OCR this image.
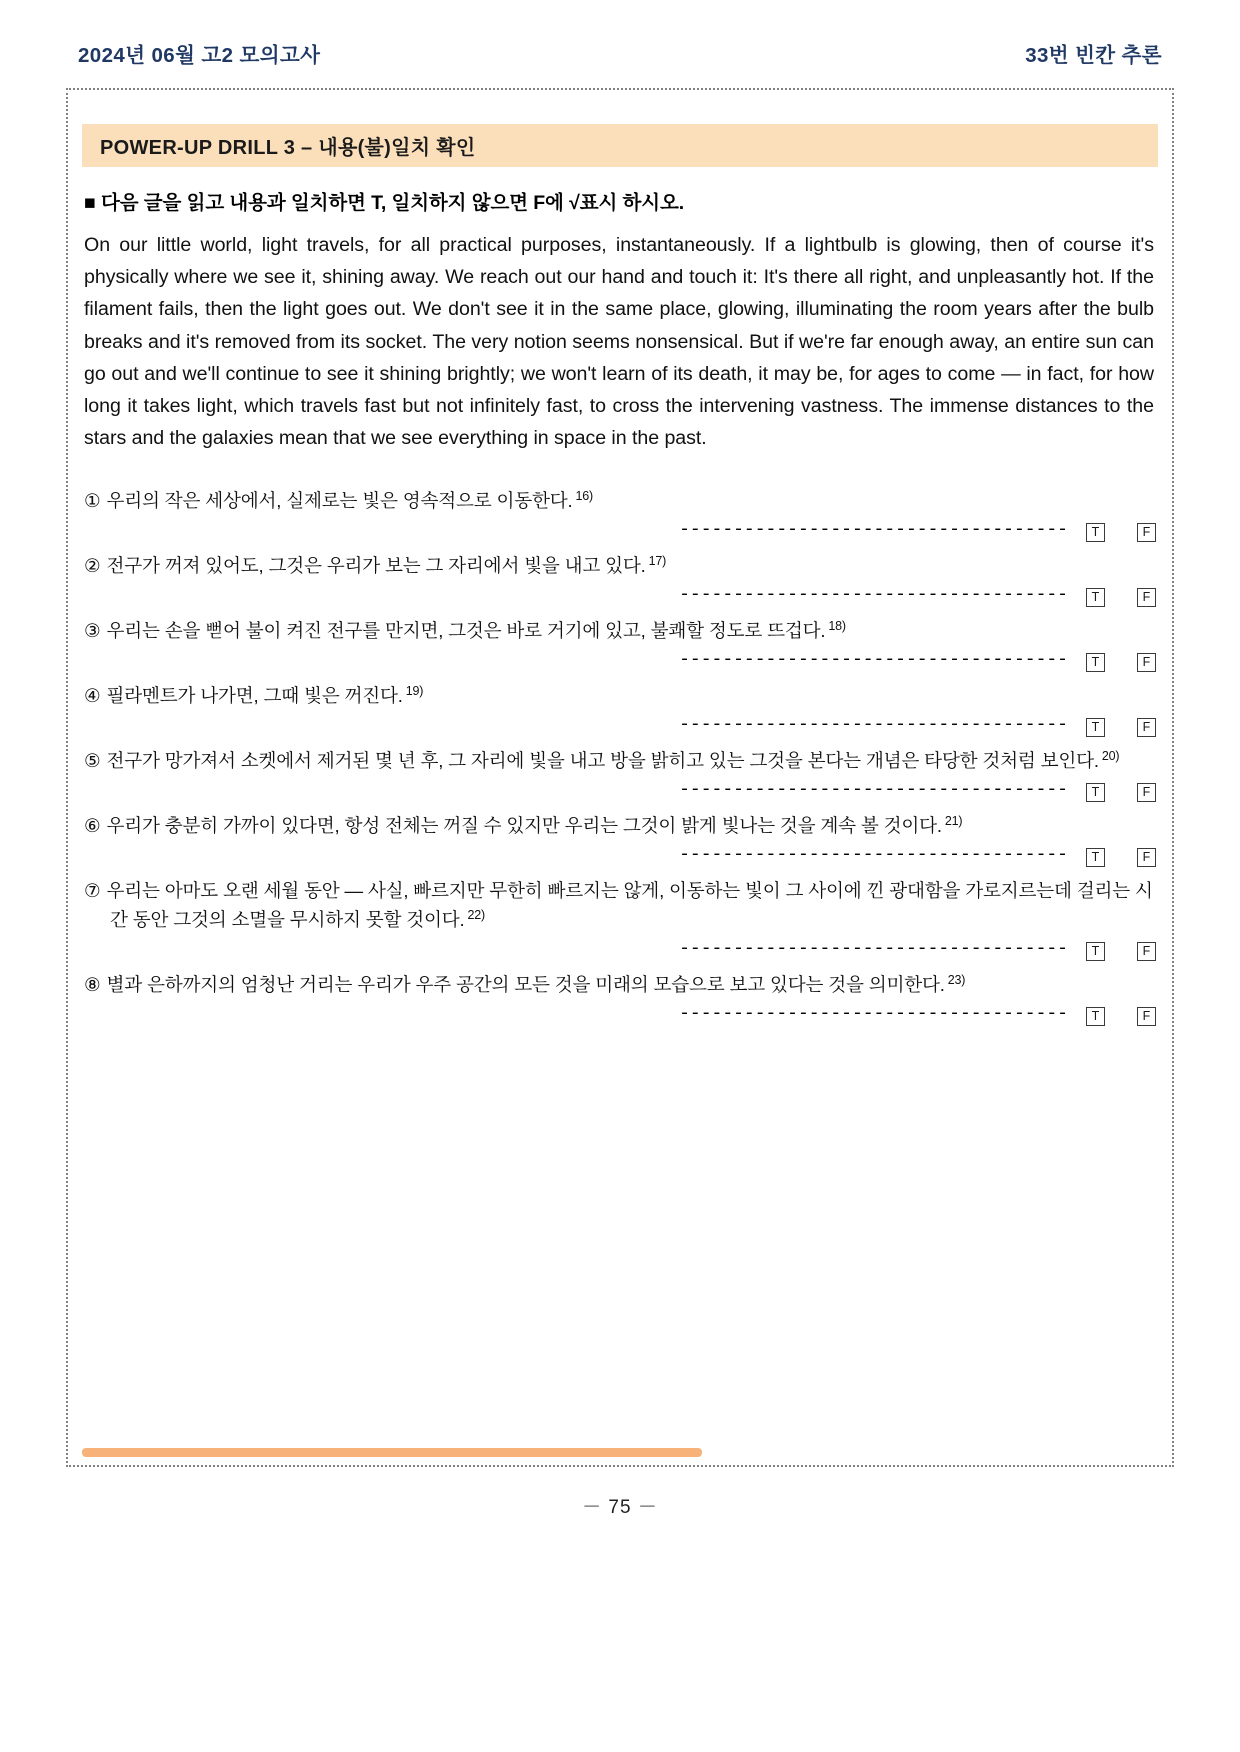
2024년 06월 고2 모의고사	33번 빈칸 추론
POWER-UP DRILL 3 – 내용(불)일치 확인
■ 다음 글을 읽고 내용과 일치하면 T, 일치하지 않으면 F에 √표시 하시오.

On our little world, light travels, for all practical purposes, instantaneously. If a lightbulb is glowing, then of course it's physically where we see it, shining away. We reach out our hand and touch it: It's there all right, and unpleasantly hot. If the filament fails, then the light goes out. We don't see it in the same place, glowing, illuminating the room years after the bulb breaks and it's removed from its socket. The very notion seems nonsensical. But if we're far enough away, an entire sun can go out and we'll continue to see it shining brightly; we won't learn of its death, it may be, for ages to come — in fact, for how long it takes light, which travels fast but not infinitely fast, to cross the intervening vastness. The immense distances to the stars and the galaxies mean that we see everything in space in the past.

① 우리의 작은 세상에서, 실제로는 빛은 영속적으로 이동한다. $^{16)}$
------------------------------------	T	F
② 전구가 꺼져 있어도, 그것은 우리가 보는 그 자리에서 빛을 내고 있다. $^{17)}$
------------------------------------	T	F
③ 우리는 손을 뻗어 불이 켜진 전구를 만지면, 그것은 바로 거기에 있고, 불쾌할 정도로 뜨겁다. $^{18)}$
------------------------------------	T	F
④ 필라멘트가 나가면, 그때 빛은 꺼진다. $^{19)}$
------------------------------------	T	F
⑤ 전구가 망가져서 소켓에서 제거된 몇 년 후, 그 자리에 빛을 내고 방을 밝히고 있는 그것을 본다는 개념은 타당한 것처럼 보인다. $^{20)}$
------------------------------------	T	F
⑥ 우리가 충분히 가까이 있다면, 항성 전체는 꺼질 수 있지만 우리는 그것이 밝게 빛나는 것을 계속 볼 것이다. $^{21)}$
------------------------------------	T	F
⑦ 우리는 아마도 오랜 세월 동안 — 사실, 빠르지만 무한히 빠르지는 않게, 이동하는 빛이 그 사이에 낀 광대함을 가로지르는데 걸리는 시간 동안 그것의 소멸을 무시하지 못할 것이다. $^{22)}$
------------------------------------	T	F
⑧ 별과 은하까지의 엄청난 거리는 우리가 우주 공간의 모든 것을 미래의 모습으로 보고 있다는 것을 의미한다. $^{23)}$
------------------------------------	T	F
－ 75 －
